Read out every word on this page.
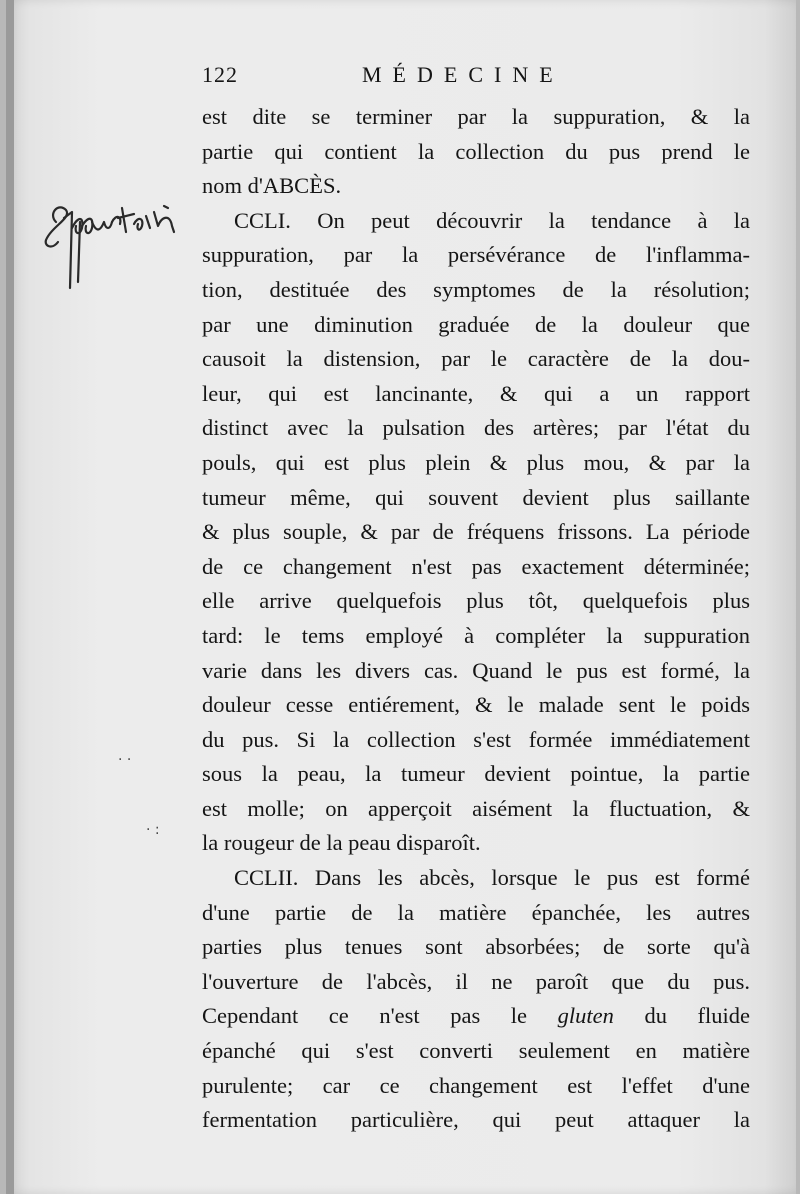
122	MÉDECINE
Suppuration
· ·
· :
est dite se terminer par la suppuration, & la
partie qui contient la collection du pus prend le
nom d'ABCÈS.
CCLI. On peut découvrir la tendance à la
suppuration, par la persévérance de l'inflamma-
tion, destituée des symptomes de la résolution;
par une diminution graduée de la douleur que
causoit la distension, par le caractère de la dou-
leur, qui est lancinante, & qui a un rapport
distinct avec la pulsation des artères; par l'état du
pouls, qui est plus plein & plus mou, & par la
tumeur même, qui souvent devient plus saillante
& plus souple, & par de fréquens frissons. La période
de ce changement n'est pas exactement déterminée;
elle arrive quelquefois plus tôt, quelquefois plus
tard: le tems employé à compléter la suppuration
varie dans les divers cas. Quand le pus est formé, la
douleur cesse entiérement, & le malade sent le poids
du pus. Si la collection s'est formée immédiatement
sous la peau, la tumeur devient pointue, la partie
est molle; on apperçoit aisément la fluctuation, &
la rougeur de la peau disparoît.
CCLII. Dans les abcès, lorsque le pus est formé
d'une partie de la matière épanchée, les autres
parties plus tenues sont absorbées; de sorte qu'à
l'ouverture de l'abcès, il ne paroît que du pus.
Cependant ce n'est pas le gluten du fluide
épanché qui s'est converti seulement en matière
purulente; car ce changement est l'effet d'une
fermentation particulière, qui peut attaquer la
